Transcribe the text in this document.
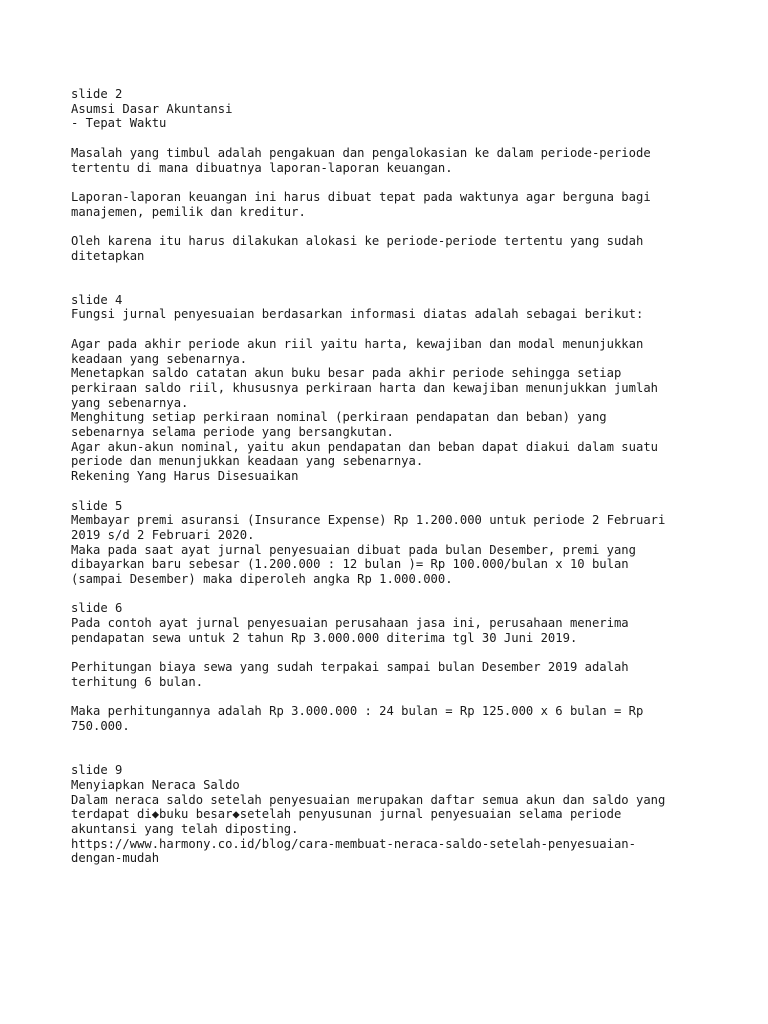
slide 2
Asumsi Dasar Akuntansi
- Tepat Waktu
Masalah yang timbul adalah pengakuan dan pengalokasian ke dalam periode-periode
tertentu di mana dibuatnya laporan-laporan keuangan.
Laporan-laporan keuangan ini harus dibuat tepat pada waktunya agar berguna bagi
manajemen, pemilik dan kreditur.
Oleh karena itu harus dilakukan alokasi ke periode-periode tertentu yang sudah
ditetapkan
slide 4
Fungsi jurnal penyesuaian berdasarkan informasi diatas adalah sebagai berikut:
Agar pada akhir periode akun riil yaitu harta, kewajiban dan modal menunjukkan
keadaan yang sebenarnya.
Menetapkan saldo catatan akun buku besar pada akhir periode sehingga setiap
perkiraan saldo riil, khususnya perkiraan harta dan kewajiban menunjukkan jumlah
yang sebenarnya.
Menghitung setiap perkiraan nominal (perkiraan pendapatan dan beban) yang
sebenarnya selama periode yang bersangkutan.
Agar akun-akun nominal, yaitu akun pendapatan dan beban dapat diakui dalam suatu
periode dan menunjukkan keadaan yang sebenarnya.
Rekening Yang Harus Disesuaikan
slide 5
Membayar premi asuransi (Insurance Expense) Rp 1.200.000 untuk periode 2 Februari
2019 s/d 2 Februari 2020.
Maka pada saat ayat jurnal penyesuaian dibuat pada bulan Desember, premi yang
dibayarkan baru sebesar (1.200.000 : 12 bulan )= Rp 100.000/bulan x 10 bulan
(sampai Desember) maka diperoleh angka Rp 1.000.000.
slide 6
Pada contoh ayat jurnal penyesuaian perusahaan jasa ini, perusahaan menerima
pendapatan sewa untuk 2 tahun Rp 3.000.000 diterima tgl 30 Juni 2019.
Perhitungan biaya sewa yang sudah terpakai sampai bulan Desember 2019 adalah
terhitung 6 bulan.
Maka perhitungannya adalah Rp 3.000.000 : 24 bulan = Rp 125.000 x 6 bulan = Rp
750.000.
slide 9
Menyiapkan Neraca Saldo
Dalam neraca saldo setelah penyesuaian merupakan daftar semua akun dan saldo yang
terdapat di◆buku besar◆setelah penyusunan jurnal penyesuaian selama periode
akuntansi yang telah diposting.
https://www.harmony.co.id/blog/cara-membuat-neraca-saldo-setelah-penyesuaian-
dengan-mudah
